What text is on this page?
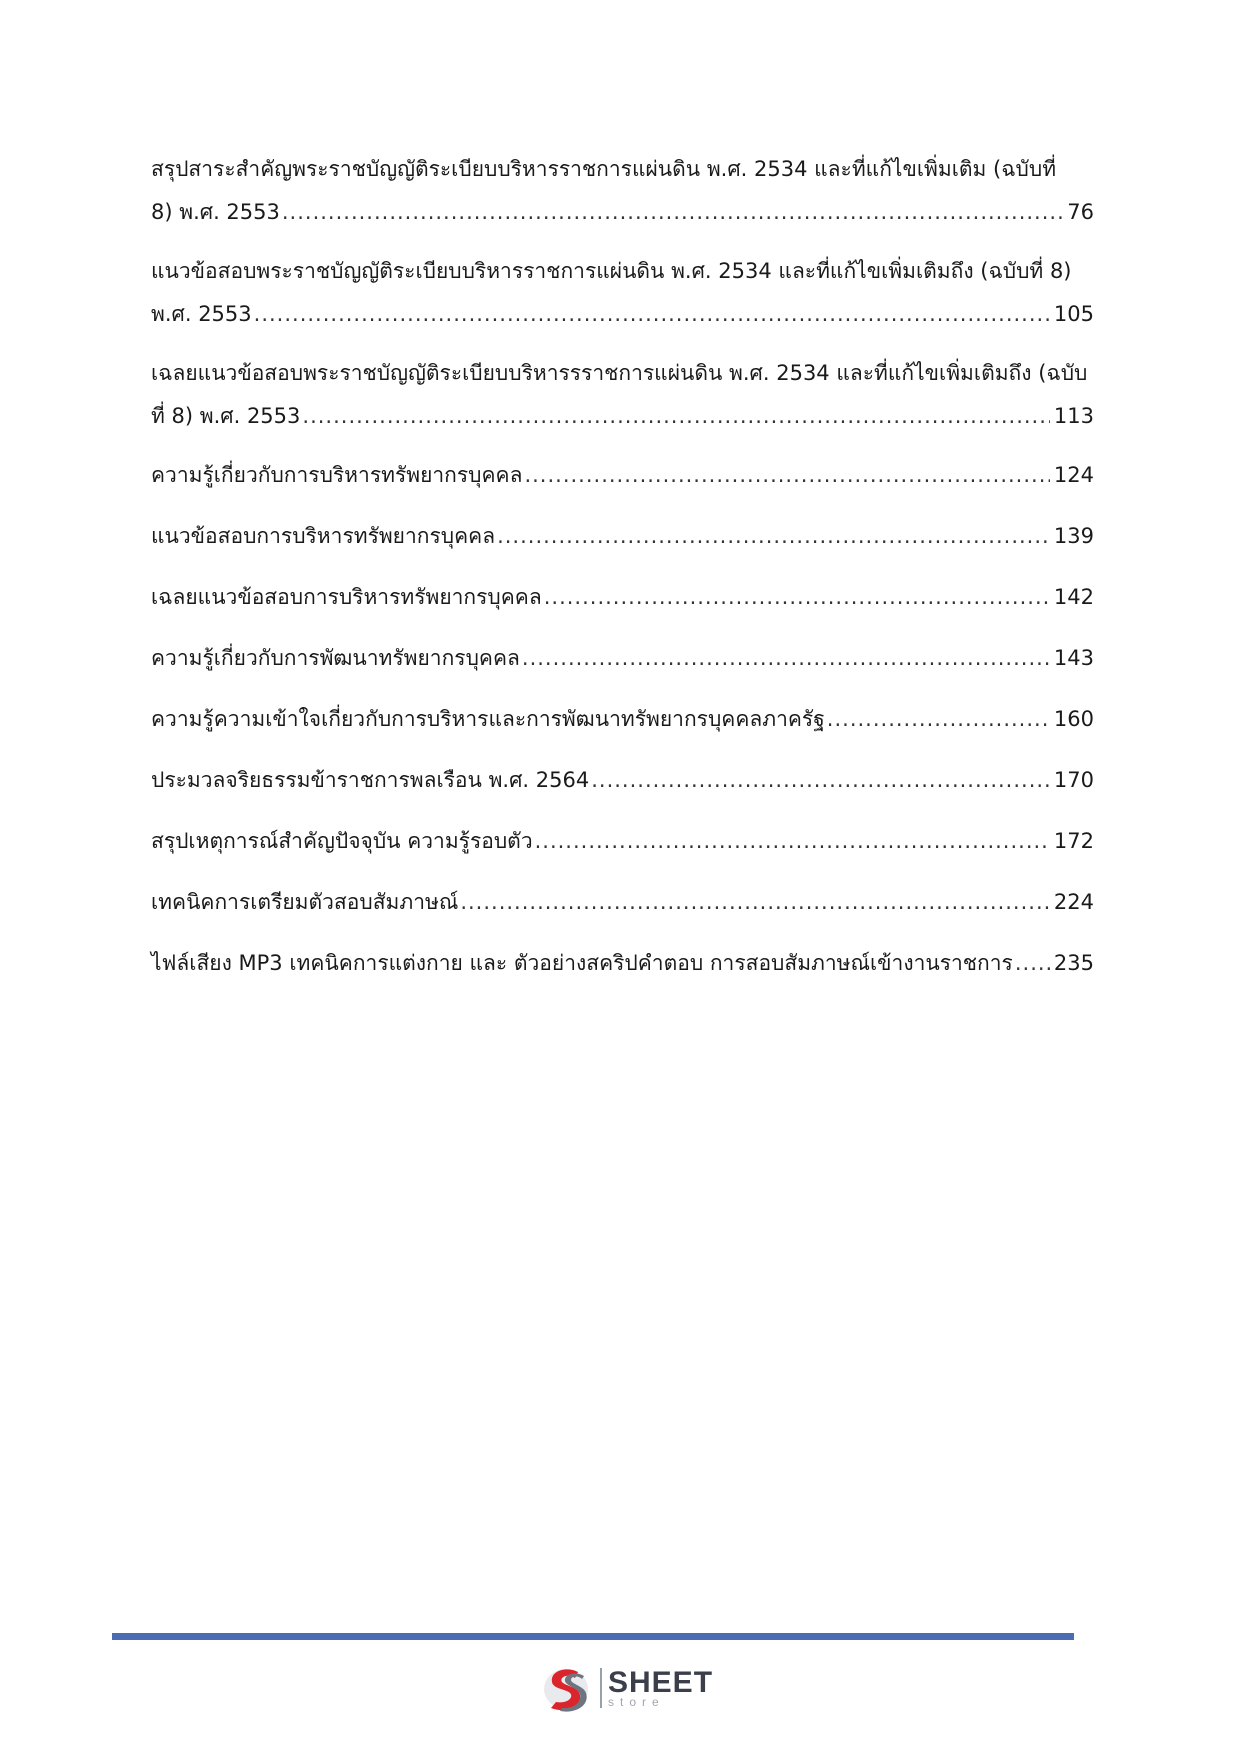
สรุปสาระสำคัญพระราชบัญญัติระเบียบบริหารราชการแผ่นดิน พ.ศ. 2534 และที่แก้ไขเพิ่มเติม (ฉบับที่
8) พ.ศ. 2553 .....	76
แนวข้อสอบพระราชบัญญัติระเบียบบริหารราชการแผ่นดิน พ.ศ. 2534 และที่แก้ไขเพิ่มเติมถึง (ฉบับที่ 8)
พ.ศ. 2553 .....	105
เฉลยแนวข้อสอบพระราชบัญญัติระเบียบบริหารรราชการแผ่นดิน พ.ศ. 2534 และที่แก้ไขเพิ่มเติมถึง (ฉบับ
ที่ 8) พ.ศ. 2553 .....	113
ความรู้เกี่ยวกับการบริหารทรัพยากรบุคคล .....	124
แนวข้อสอบการบริหารทรัพยากรบุคคล .....	139
เฉลยแนวข้อสอบการบริหารทรัพยากรบุคคล .....	142
ความรู้เกี่ยวกับการพัฒนาทรัพยากรบุคคล .....	143
ความรู้ความเข้าใจเกี่ยวกับการบริหารและการพัฒนาทรัพยากรบุคคลภาครัฐ .....	160
ประมวลจริยธรรมข้าราชการพลเรือน พ.ศ. 2564 .....	170
สรุปเหตุการณ์สำคัญปัจจุบัน ความรู้รอบตัว .....	172
เทคนิคการเตรียมตัวสอบสัมภาษณ์ .....	224
ไฟล์เสียง MP3 เทคนิคการแต่งกาย และ ตัวอย่างสคริปคำตอบ การสอบสัมภาษณ์เข้างานราชการ ..... 235
SHEET
store
